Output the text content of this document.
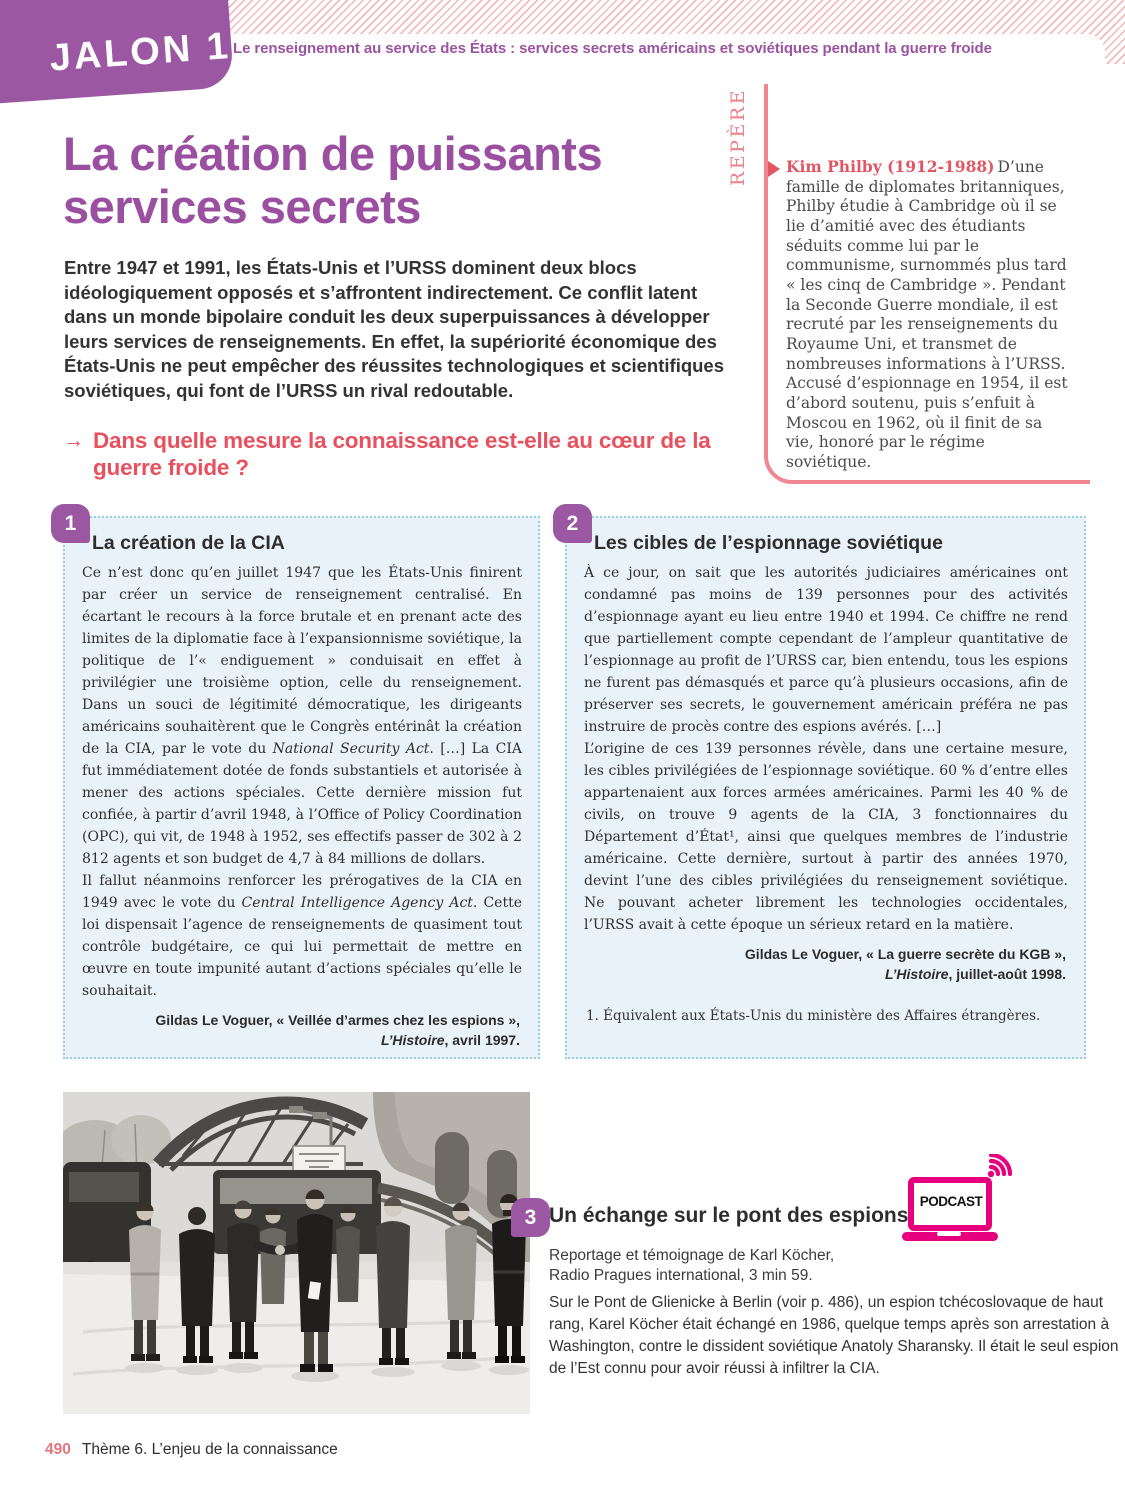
Le renseignement au service des États : services secrets américains et soviétiques pendant la guerre froide
JALON 1
La création de puissants services secrets

Entre 1947 et 1991, les États-Unis et l’URSS dominent deux blocs idéologiquement opposés et s’affrontent indirectement. Ce conflit latent dans un monde bipolaire conduit les deux superpuissances à développer leurs services de renseignements. En effet, la supériorité économique des États-Unis ne peut empêcher des réussites technologiques et scientifiques soviétiques, qui font de l’URSS un rival redoutable.

→ Dans quelle mesure la connaissance est-elle au cœur de la guerre froide ?
REPÈRE Kim Philby (1912-1988) D’une famille de diplomates britanniques, Philby étudie à Cambridge où il se lie d’amitié avec des étudiants séduits comme lui par le communisme, surnommés plus tard « les cinq de Cambridge ». Pendant la Seconde Guerre mondiale, il est recruté par les renseignements du Royaume Uni, et transmet de nombreuses informations à l’URSS. Accusé d’espionnage en 1954, il est d’abord soutenu, puis s’enfuit à Moscou en 1962, où il finit de sa vie, honoré par le régime soviétique.
1
La création de la CIA

Ce n’est donc qu’en juillet 1947 que les États-Unis finirent par créer un service de renseignement centralisé. En écartant le recours à la force brutale et en prenant acte des limites de la diplomatie face à l’expansionnisme soviétique, la politique de l’« endiguement » conduisait en effet à privilégier une troisième option, celle du renseignement. Dans un souci de légitimité démocratique, les dirigeants américains souhaitèrent que le Congrès entérinât la création de la CIA, par le vote du National Security Act. […] La CIA fut immédiatement dotée de fonds substantiels et autorisée à mener des actions spéciales. Cette dernière mission fut confiée, à partir d’avril 1948, à l’Office of Policy Coordination (OPC), qui vit, de 1948 à 1952, ses effectifs passer de 302 à 2 812 agents et son budget de 4,7 à 84 millions de dollars.

Il fallut néanmoins renforcer les prérogatives de la CIA en 1949 avec le vote du Central Intelligence Agency Act. Cette loi dispensait l’agence de renseignements de quasiment tout contrôle budgétaire, ce qui lui permettait de mettre en œuvre en toute impunité autant d’actions spéciales qu’elle le souhaitait.

Gildas Le Voguer, « Veillée d’armes chez les espions »,
L’Histoire, avril 1997.

2
Les cibles de l’espionnage soviétique

À ce jour, on sait que les autorités judiciaires américaines ont condamné pas moins de 139 personnes pour des activités d’espionnage ayant eu lieu entre 1940 et 1994. Ce chiffre ne rend que partiellement compte cependant de l’ampleur quantitative de l’espionnage au profit de l’URSS car, bien entendu, tous les espions ne furent pas démasqués et parce qu’à plusieurs occasions, afin de préserver ses secrets, le gouvernement américain préféra ne pas instruire de procès contre des espions avérés. […]

L’origine de ces 139 personnes révèle, dans une certaine mesure, les cibles privilégiées de l’espionnage soviétique. 60 % d’entre elles appartenaient aux forces armées américaines. Parmi les 40 % de civils, on trouve 9 agents de la CIA, 3 fonctionnaires du Département d’État¹, ainsi que quelques membres de l’industrie américaine. Cette dernière, surtout à partir des années 1970, devint l’une des cibles privilégiées du renseignement soviétique. Ne pouvant acheter librement les technologies occidentales, l’URSS avait à cette époque un sérieux retard en la matière.

Gildas Le Voguer, « La guerre secrète du KGB »,
L’Histoire, juillet-août 1998.

1. Équivalent aux États-Unis du ministère des Affaires étrangères.

3 Un échange sur le pont des espions

Reportage et témoignage de Karl Köcher,
Radio Pragues international, 3 min 59.

Sur le Pont de Glienicke à Berlin (voir p. 486), un espion tchécoslovaque de haut rang, Karel Köcher était échangé en 1986, quelque temps après son arrestation à Washington, contre le dissident soviétique Anatoly Sharansky. Il était le seul espion de l’Est connu pour avoir réussi à infiltrer la CIA.

PODCAST
490 Thème 6. L’enjeu de la connaissance
